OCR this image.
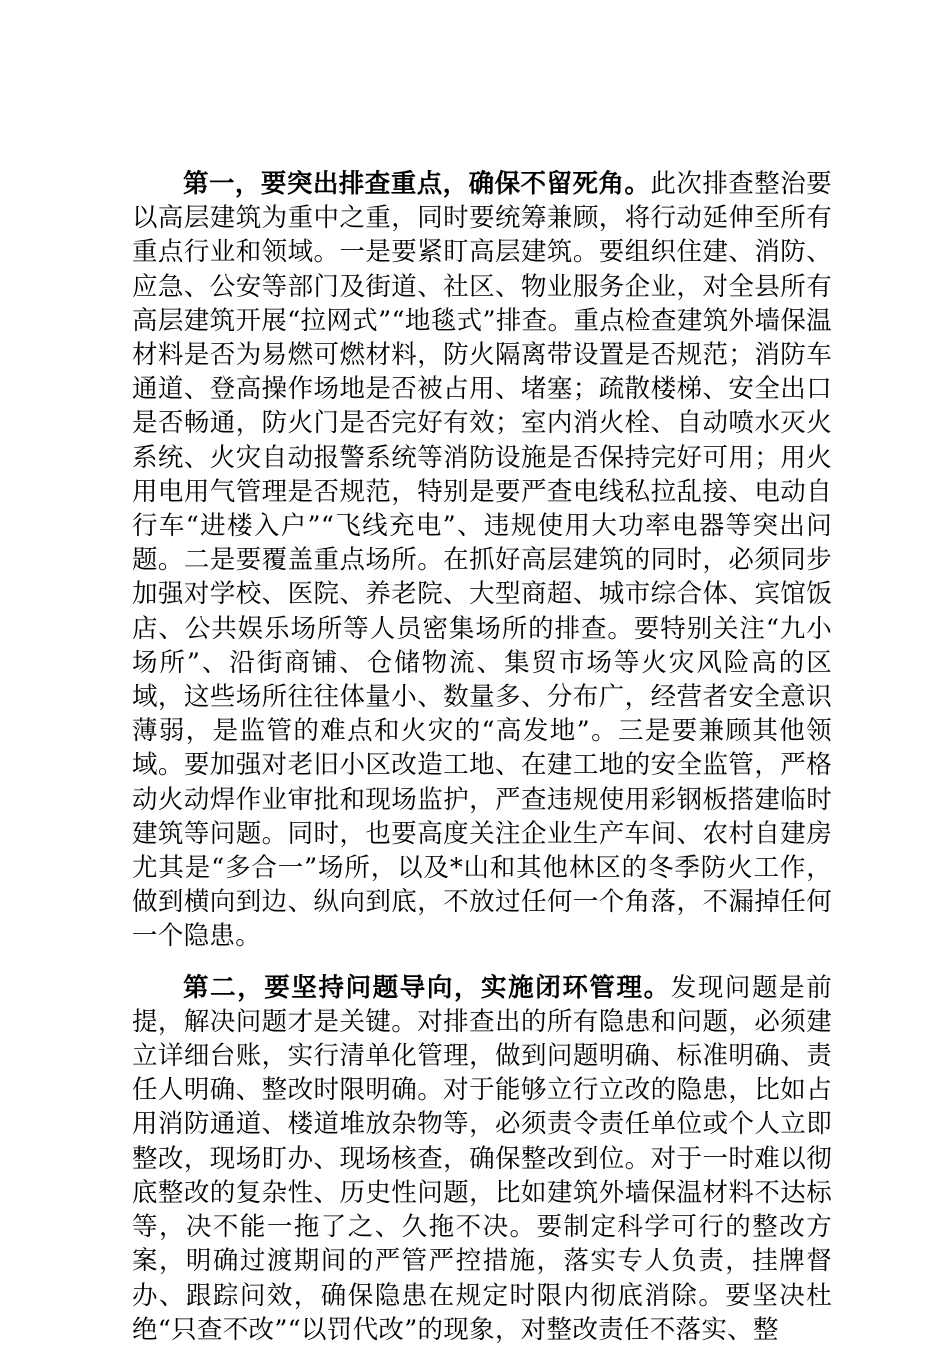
第一，要突出排查重点，确保不留死角。此次排查整治要以高层建筑为重中之重，同时要统筹兼顾，将行动延伸至所有重点行业和领域。一是要紧盯高层建筑。要组织住建、消防、应急、公安等部门及街道、社区、物业服务企业，对全县所有高层建筑开展“拉网式”“地毯式”排查。重点检查建筑外墙保温材料是否为易燃可燃材料，防火隔离带设置是否规范；消防车通道、登高操作场地是否被占用、堵塞；疏散楼梯、安全出口是否畅通，防火门是否完好有效；室内消火栓、自动喷水灭火系统、火灾自动报警系统等消防设施是否保持完好可用；用火用电用气管理是否规范，特别是要严查电线私拉乱接、电动自行车“进楼入户”“飞线充电”、违规使用大功率电器等突出问题。二是要覆盖重点场所。在抓好高层建筑的同时，必须同步加强对学校、医院、养老院、大型商超、城市综合体、宾馆饭店、公共娱乐场所等人员密集场所的排查。要特别关注“九小场所”、沿街商铺、仓储物流、集贸市场等火灾风险高的区域，这些场所往往体量小、数量多、分布广，经营者安全意识薄弱，是监管的难点和火灾的“高发地”。三是要兼顾其他领域。要加强对老旧小区改造工地、在建工地的安全监管，严格动火动焊作业审批和现场监护，严查违规使用彩钢板搭建临时建筑等问题。同时，也要高度关注企业生产车间、农村自建房尤其是“多合一”场所，以及*山和其他林区的冬季防火工作，做到横向到边、纵向到底，不放过任何一个角落，不漏掉任何一个隐患。

第二，要坚持问题导向，实施闭环管理。发现问题是前提，解决问题才是关键。对排查出的所有隐患和问题，必须建立详细台账，实行清单化管理，做到问题明确、标准明确、责任人明确、整改时限明确。对于能够立行立改的隐患，比如占用消防通道、楼道堆放杂物等，必须责令责任单位或个人立即整改，现场盯办、现场核查，确保整改到位。对于一时难以彻底整改的复杂性、历史性问题，比如建筑外墙保温材料不达标等，决不能一拖了之、久拖不决。要制定科学可行的整改方案，明确过渡期间的严管严控措施，落实专人负责，挂牌督办、跟踪问效，确保隐患在规定时限内彻底消除。要坚决杜绝“只查不改”“以罚代改”的现象，对整改责任不落实、整
